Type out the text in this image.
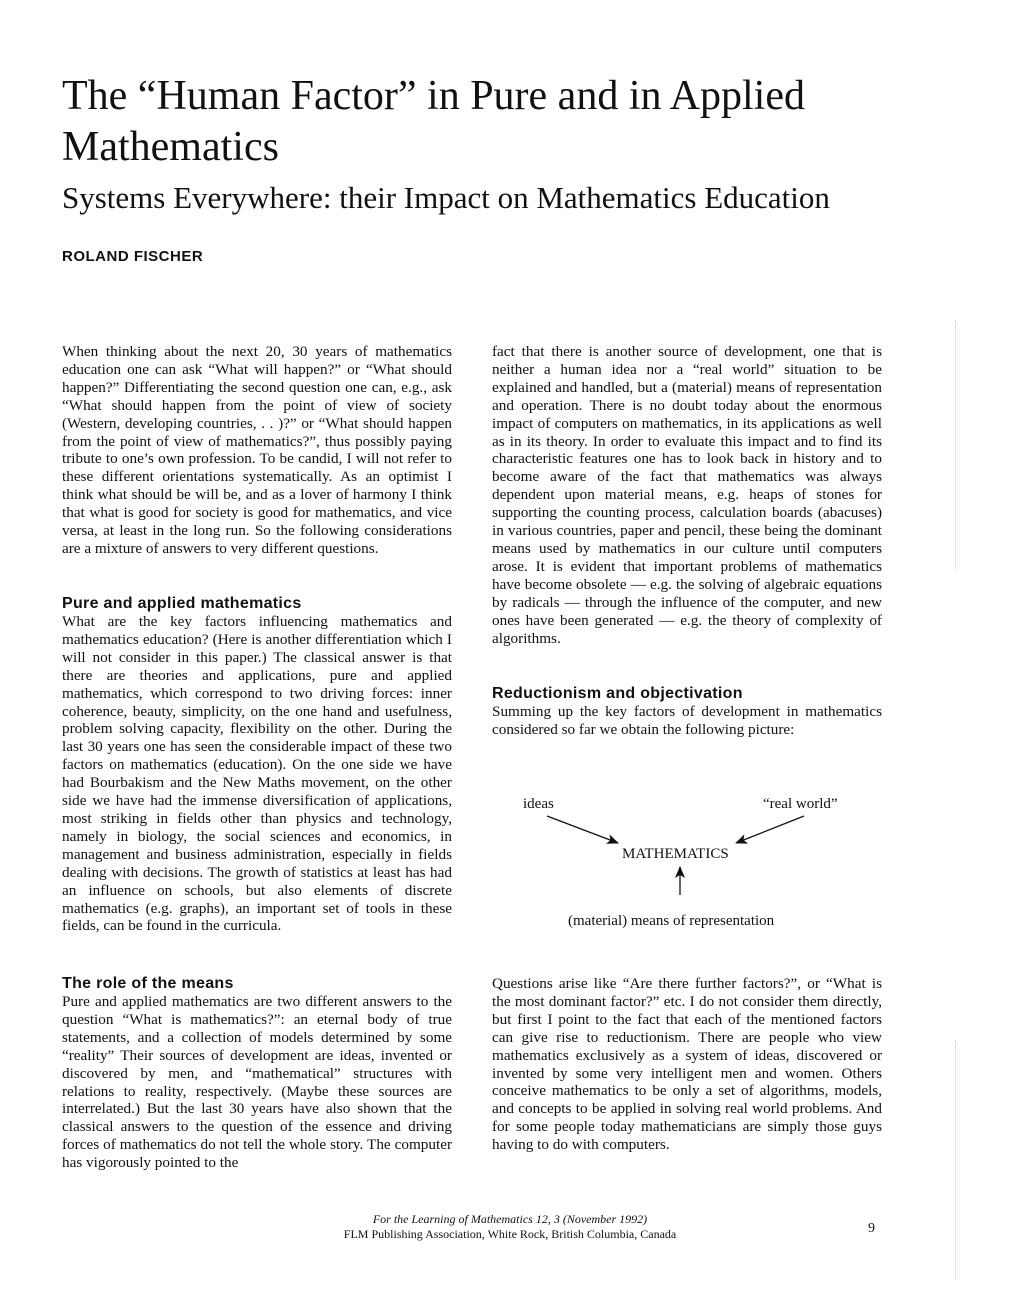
The “Human Factor” in Pure and in Applied
Mathematics
Systems Everywhere: their Impact on Mathematics Education
ROLAND FISCHER

When thinking about the next 20, 30 years of mathematics education one can ask “What will happen?” or “What should happen?” Differentiating the second question one can, e.g., ask “What should happen from the point of view of society (Western, developing countries, . . )?” or “What should happen from the point of view of mathematics?”, thus possibly paying tribute to one’s own profession. To be candid, I will not refer to these different orientations systematically. As an optimist I think what should be will be, and as a lover of harmony I think that what is good for society is good for mathematics, and vice versa, at least in the long run. So the following considerations are a mixture of answers to very different questions.

Pure and applied mathematics

What are the key factors influencing mathematics and mathematics education? (Here is another differentiation which I will not consider in this paper.) The classical answer is that there are theories and applications, pure and applied mathematics, which correspond to two driving forces: inner coherence, beauty, simplicity, on the one hand and usefulness, problem solving capacity, flexibility on the other. During the last 30 years one has seen the considerable impact of these two factors on mathematics (education). On the one side we have had Bourbakism and the New Maths movement, on the other side we have had the immense diversification of applications, most striking in fields other than physics and technology, namely in biology, the social sciences and economics, in management and business administration, especially in fields dealing with decisions. The growth of statistics at least has had an influence on schools, but also elements of discrete mathematics (e.g. graphs), an important set of tools in these fields, can be found in the curricula.

The role of the means

Pure and applied mathematics are two different answers to the question “What is mathematics?”: an eternal body of true statements, and a collection of models determined by some “reality” Their sources of development are ideas, invented or discovered by men, and “mathematical” structures with relations to reality, respectively. (Maybe these sources are interrelated.) But the last 30 years have also shown that the classical answers to the question of the essence and driving forces of mathematics do not tell the whole story. The computer has vigorously pointed to the

fact that there is another source of development, one that is neither a human idea nor a “real world” situation to be explained and handled, but a (material) means of representation and operation. There is no doubt today about the enormous impact of computers on mathematics, in its applications as well as in its theory. In order to evaluate this impact and to find its characteristic features one has to look back in history and to become aware of the fact that mathematics was always dependent upon material means, e.g. heaps of stones for supporting the counting process, calculation boards (abacuses) in various countries, paper and pencil, these being the dominant means used by mathematics in our culture until computers arose. It is evident that important problems of mathematics have become obsolete — e.g. the solving of algebraic equations by radicals — through the influence of the computer, and new ones have been generated — e.g. the theory of complexity of algorithms.

Reductionism and objectivation

Summing up the key factors of development in mathematics considered so far we obtain the following picture:

ideas	“real world”
MATHEMATICS
(material) means of representation

Questions arise like “Are there further factors?”, or “What is the most dominant factor?” etc. I do not consider them directly, but first I point to the fact that each of the mentioned factors can give rise to reductionism. There are people who view mathematics exclusively as a system of ideas, discovered or invented by some very intelligent men and women. Others conceive mathematics to be only a set of algorithms, models, and concepts to be applied in solving real world problems. And for some people today mathematicians are simply those guys having to do with computers.

For the Learning of Mathematics 12, 3 (November 1992)
FLM Publishing Association, White Rock, British Columbia, Canada	9
